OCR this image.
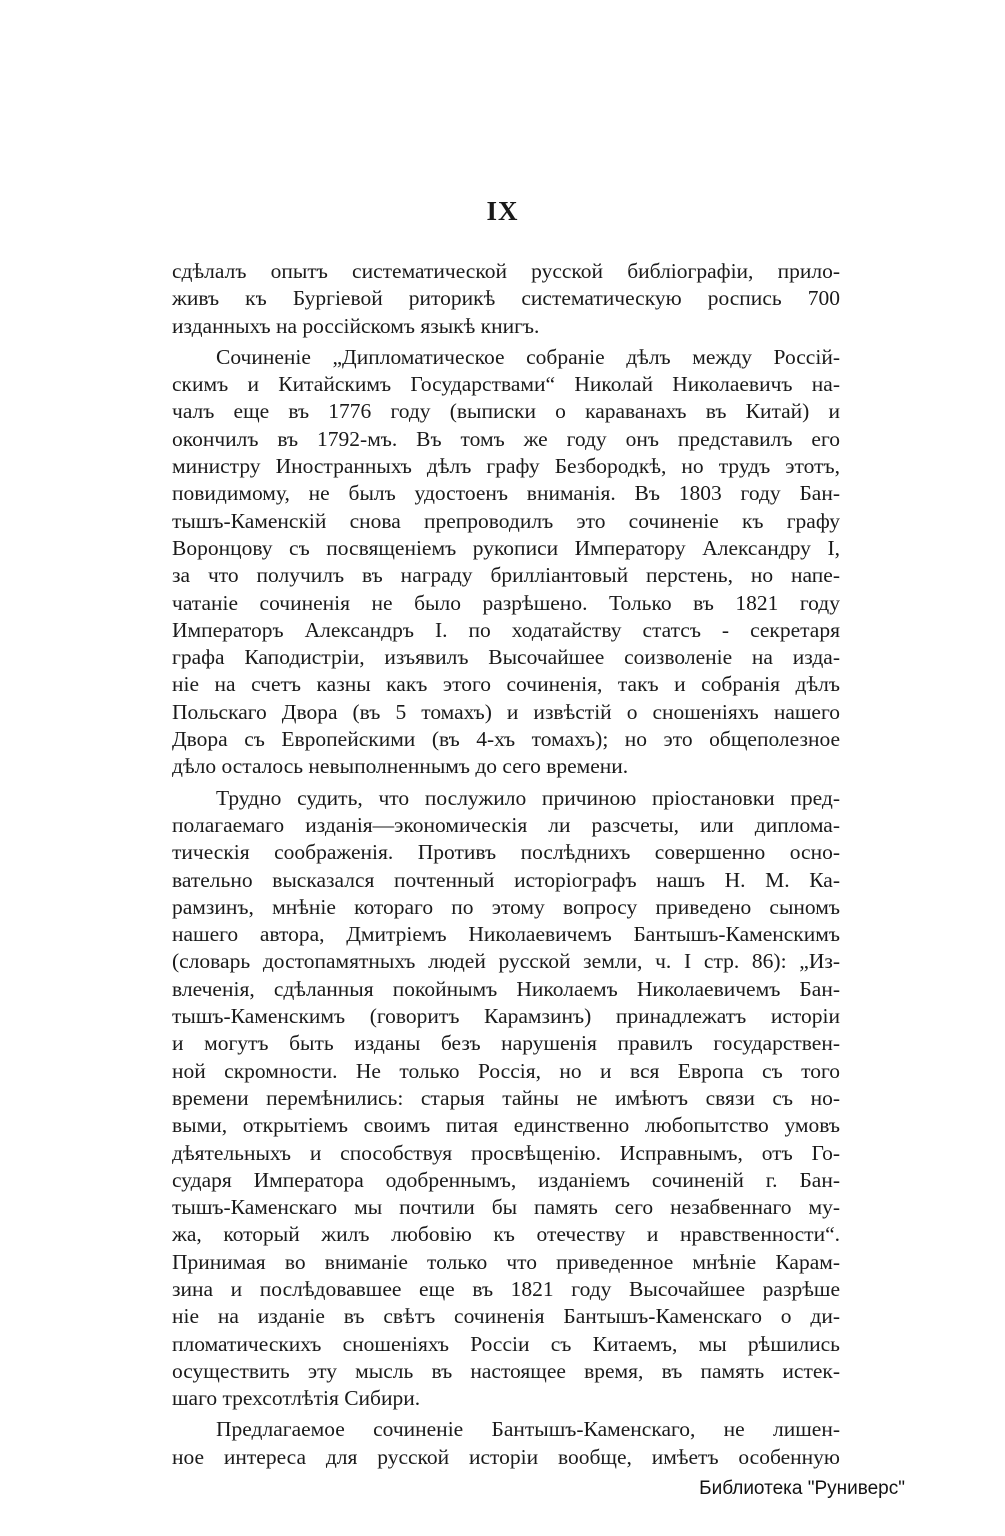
IX
сдѣлалъ опытъ систематической русской библіографіи, прило-
живъ къ Бургіевой риторикѣ систематическую роспись 700
изданныхъ на россійскомъ языкѣ книгъ.
Сочиненіе „Дипломатическое собраніе дѣлъ между Россій-
скимъ и Китайскимъ Государствами“ Николай Николаевичъ на-
чалъ еще въ 1776 году (выписки о караванахъ въ Китай) и
окончилъ въ 1792-мъ. Въ томъ же году онъ представилъ его
министру Иностранныхъ дѣлъ графу Безбородкѣ, но трудъ этотъ,
повидимому, не былъ удостоенъ вниманія. Въ 1803 году Бан-
тышъ-Каменскій снова препроводилъ это сочиненіе къ графу
Воронцову съ посвященіемъ рукописи Императору Александру I,
за что получилъ въ награду бриллiантовый перстень, но напе-
чатаніе сочиненія не было разрѣшено. Только въ 1821 году
Императоръ Александръ I. по ходатайству статсъ - секретаря
графа Каподистріи, изъявилъ Высочайшее соизволеніе на изда-
ніе на счетъ казны какъ этого сочиненія, такъ и собранія дѣлъ
Польскаго Двора (въ 5 томахъ) и извѣстій о сношеніяхъ нашего
Двора съ Европейскими (въ 4-хъ томахъ); но это общеполезное
дѣло осталось невыполненнымъ до сего времени.
Трудно судить, что послужило причиною пріостановки пред-
полагаемаго изданія—экономическія ли разсчеты, или диплома-
тическія соображенія. Противъ послѣднихъ совершенно осно-
вательно высказался почтенный исторіографъ нашъ Н. М. Ка-
рамзинъ, мнѣніе котораго по этому вопросу приведено сыномъ
нашего автора, Дмитріемъ Николаевичемъ Бантышъ-Каменскимъ
(словарь достопамятныхъ людей русской земли, ч. I стр. 86): „Из-
влеченія, сдѣланныя покойнымъ Николаемъ Николаевичемъ Бан-
тышъ-Каменскимъ (говоритъ Карамзинъ) принадлежатъ исторіи
и могутъ быть изданы безъ нарушенія правилъ государствен-
ной скромности. Не только Россія, но и вся Европа съ того
времени перемѣнились: старыя тайны не имѣютъ связи съ но-
выми, открытіемъ своимъ питая единственно любопытство умовъ
дѣятельныхъ и способствуя просвѣщенію. Исправнымъ, отъ Го-
сударя Императора одобреннымъ, изданіемъ сочиненій г. Бан-
тышъ-Каменскаго мы почтили бы память сего незабвеннаго му-
жа, который жилъ любовію къ отечеству и нравственности“.
Принимая во вниманіе только что приведенное мнѣніе Карам-
зина и послѣдовавшее еще въ 1821 году Высочайшее разрѣше
ніе на изданіе въ свѣтъ сочиненія Бантышъ-Каменскаго о ди-
пломатическихъ сношеніяхъ Россіи съ Китаемъ, мы рѣшились
осуществить эту мысль въ настоящее время, въ память истек-
шаго трехсотлѣтія Сибири.
Предлагаемое сочиненіе Бантышъ-Каменскаго, не лишен-
ное интереса для русской исторіи вообще, имѣетъ особенную
Библиотека "Руниверс"
